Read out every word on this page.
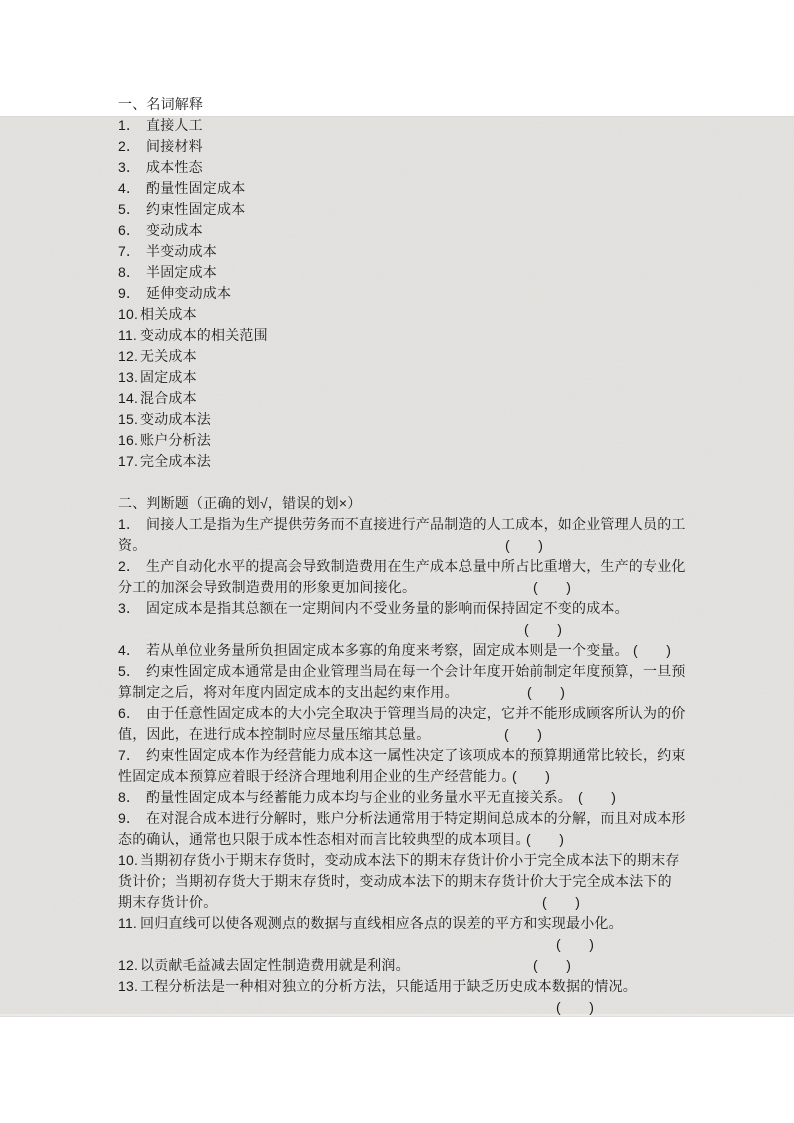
一、名词解释
1． 直接人工
2． 间接材料
3． 成本性态
4． 酌量性固定成本
5． 约束性固定成本
6． 变动成本
7． 半变动成本
8． 半固定成本
9． 延伸变动成本
10. 相关成本
11. 变动成本的相关范围
12. 无关成本
13. 固定成本
14. 混合成本
15. 变动成本法
16. 账户分析法
17. 完全成本法
二、判断题（正确的划√，错误的划×）
1． 间接人工是指为生产提供劳务而不直接进行产品制造的人工成本，如企业管理人员的工
资。	(　　)
2． 生产自动化水平的提高会导致制造费用在生产成本总量中所占比重增大，生产的专业化
分工的加深会导致制造费用的形象更加间接化。	(　　)
3． 固定成本是指其总额在一定期间内不受业务量的影响而保持固定不变的成本。
(　　)
4． 若从单位业务量所负担固定成本多寡的角度来考察，固定成本则是一个变量。 (　　)
5． 约束性固定成本通常是由企业管理当局在每一个会计年度开始前制定年度预算，一旦预
算制定之后，将对年度内固定成本的支出起约束作用。	(　　)
6． 由于任意性固定成本的大小完全取决于管理当局的决定，它并不能形成顾客所认为的价
值，因此，在进行成本控制时应尽量压缩其总量。	(　　)
7． 约束性固定成本作为经营能力成本这一属性决定了该项成本的预算期通常比较长，约束
性固定成本预算应着眼于经济合理地利用企业的生产经营能力。
(　　)
8． 酌量性固定成本与经蓄能力成本均与企业的业务量水平无直接关系。 (　　)
9． 在对混合成本进行分解时，账户分析法通常用于特定期间总成本的分解，而且对成本形
态的确认，通常也只限于成本性态相对而言比较典型的成本项目。
(　　)
10. 当期初存货小于期末存货时，变动成本法下的期末存货计价小于完全成本法下的期末存
货计价；当期初存货大于期末存货时，变动成本法下的期末存货计价大于完全成本法下的
期末存货计价。	(　　)
11. 回归直线可以使各观测点的数据与直线相应各点的误差的平方和实现最小化。
(　　)
12. 以贡献毛益减去固定性制造费用就是利润。	(　　)
13. 工程分析法是一种相对独立的分析方法，只能适用于缺乏历史成本数据的情况。
(　　)
